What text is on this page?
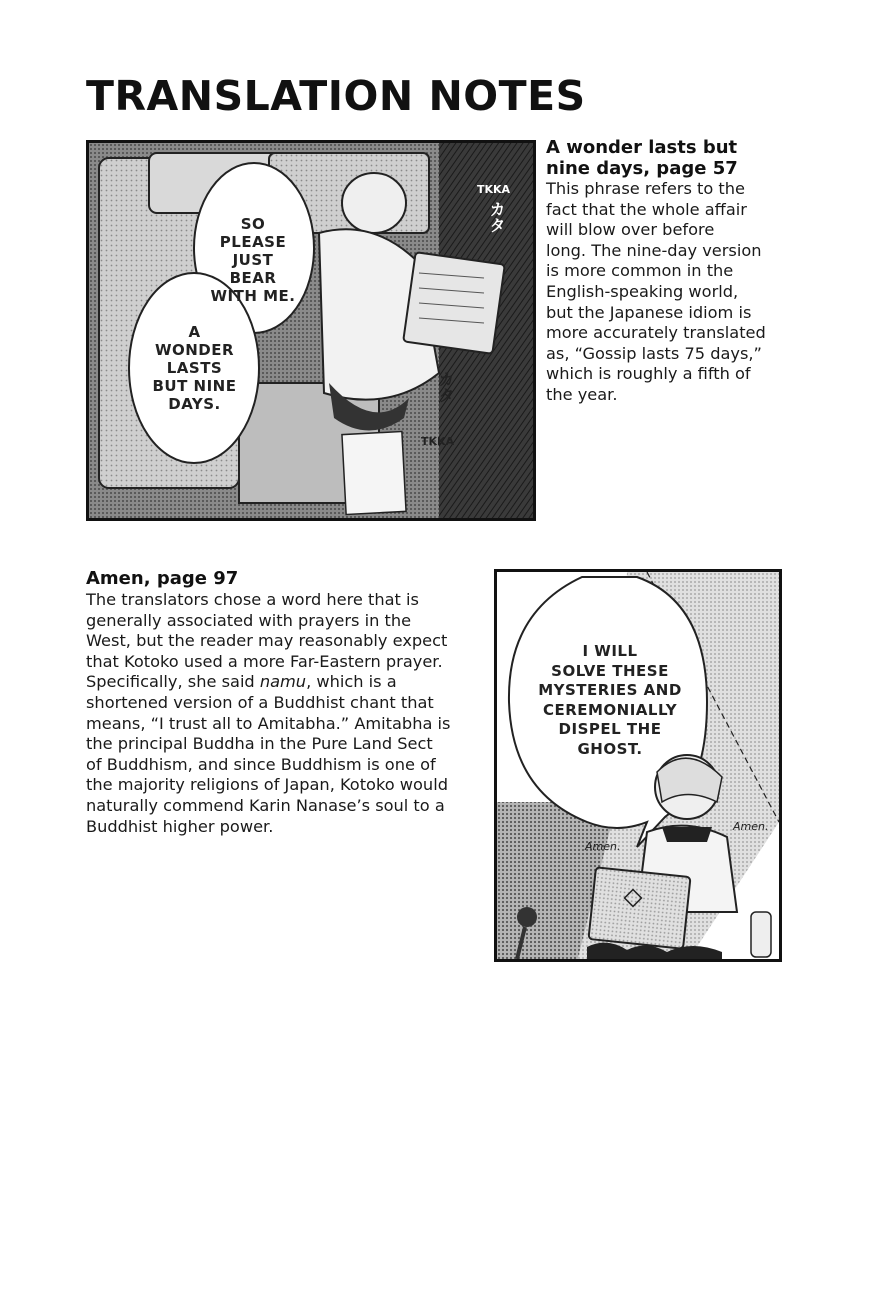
TRANSLATION NOTES
A wonder lasts but
nine days, page 57

This phrase refers to the
fact that the whole affair
will blow over before
long. The nine-day version
is more common in the
English-speaking world,
but the Japanese idiom is
more accurately translated
as, “Gossip lasts 75 days,”
which is roughly a fifth of
the year.

SO
PLEASE
JUST
BEAR
WITH ME.
A
WONDER
LASTS
BUT NINE
DAYS.
TKKA
カタ
カタ
TKKA
Amen, page 97

The translators chose a word here that is
generally associated with prayers in the
West, but the reader may reasonably expect
that Kotoko used a more Far-Eastern prayer.
Specifically, she said namu, which is a
shortened version of a Buddhist chant that
means, “I trust all to Amitabha.” Amitabha is
the principal Buddha in the Pure Land Sect
of Buddhism, and since Buddhism is one of
the majority religions of Japan, Kotoko would
naturally commend Karin Nanase’s soul to a
Buddhist higher power.

I WILL
SOLVE THESE
MYSTERIES AND
CEREMONIALLY
DISPEL THE
GHOST.
Amen.
Amen.
